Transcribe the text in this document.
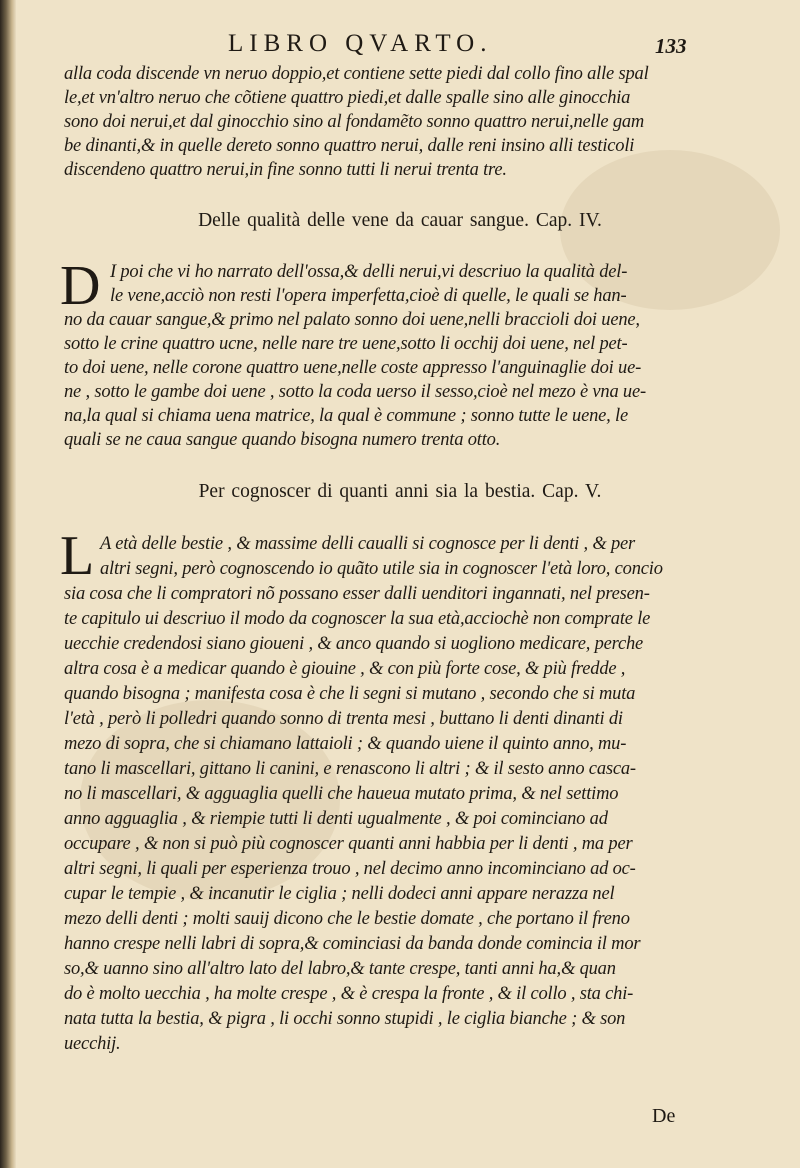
LIBRO QVARTO.	133
alla coda discende vn neruo doppio,et contiene sette piedi dal collo fino alle spal
le,et vn'altro neruo che cõtiene quattro piedi,et dalle spalle sino alle ginocchia
sono doi nerui,et dal ginocchio sino al fondamẽto sonno quattro nerui,nelle gam
be dinanti,& in quelle dereto sonno quattro nerui, dalle reni insino alli testicoli
discendeno quattro nerui,in fine sonno tutti li nerui trenta tre.
Delle qualità delle vene da cauar sangue. Cap. IV.
D I poi che vi ho narrato dell'ossa,& delli nerui,vi descriuo la qualità del-
le vene,acciò non resti l'opera imperfetta,cioè di quelle, le quali se han-
no da cauar sangue,& primo nel palato sonno doi uene,nelli braccioli doi uene,
sotto le crine quattro ucne, nelle nare tre uene,sotto li occhij doi uene, nel pet-
to doi uene, nelle corone quattro uene,nelle coste appresso l'anguinaglie doi ue-
ne , sotto le gambe doi uene , sotto la coda uerso il sesso,cioè nel mezo è vna ue-
na,la qual si chiama uena matrice, la qual è commune ; sonno tutte le uene, le
quali se ne caua sangue quando bisogna numero trenta otto.
Per cognoscer di quanti anni sia la bestia. Cap. V.
L A età delle bestie , & massime delli caualli si cognosce per li denti , & per
altri segni, però cognoscendo io quãto utile sia in cognoscer l'età loro, concio
sia cosa che li compratori nõ possano esser dalli uenditori ingannati, nel presen-
te capitulo ui descriuo il modo da cognoscer la sua età,acciochè non comprate le
uecchie credendosi siano gioueni , & anco quando si uogliono medicare, perche
altra cosa è a medicar quando è giouine , & con più forte cose, & più fredde ,
quando bisogna ; manifesta cosa è che li segni si mutano , secondo che si muta
l'età , però li polledri quando sonno di trenta mesi , buttano li denti dinanti di
mezo di sopra, che si chiamano lattaioli ; & quando uiene il quinto anno, mu-
tano li mascellari, gittano li canini, e renascono li altri ; & il sesto anno casca-
no li mascellari, & agguaglia quelli che haueua mutato prima, & nel settimo
anno agguaglia , & riempie tutti li denti ugualmente , & poi cominciano ad
occupare , & non si può più cognoscer quanti anni habbia per li denti , ma per
altri segni, li quali per esperienza trouo , nel decimo anno incominciano ad oc-
cupar le tempie , & incanutir le ciglia ; nelli dodeci anni appare nerazza nel
mezo delli denti ; molti sauij dicono che le bestie domate , che portano il freno
hanno crespe nelli labri di sopra,& cominciasi da banda donde comincia il mor
so,& uanno sino all'altro lato del labro,& tante crespe, tanti anni ha,& quan
do è molto uecchia , ha molte crespe , & è crespa la fronte , & il collo , sta chi-
nata tutta la bestia, & pigra , li occhi sonno stupidi , le ciglia bianche ; & son
uecchij.
De
